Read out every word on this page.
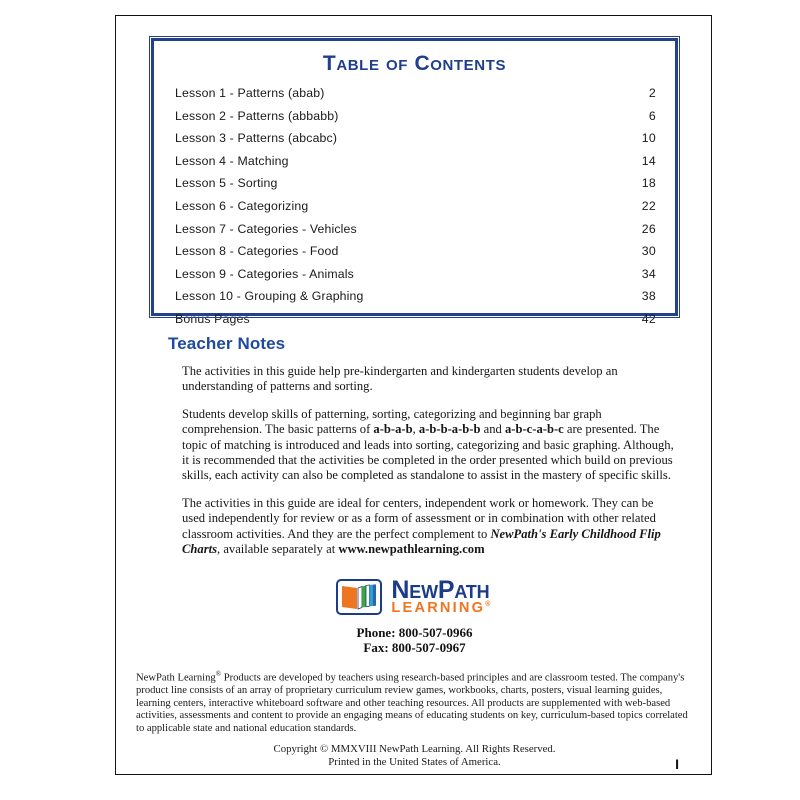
Table of Contents
Lesson 1 - Patterns (abab) .....	2
Lesson 2 - Patterns (abbabb) .....	6
Lesson 3 - Patterns (abcabc) .....	10
Lesson 4 - Matching .....	14
Lesson 5 - Sorting .....	18
Lesson 6 - Categorizing .....	22
Lesson 7 - Categories - Vehicles .....	26
Lesson 8 - Categories - Food .....	30
Lesson 9 - Categories - Animals .....	34
Lesson 10 - Grouping & Graphing .....	38
Bonus Pages .....	42
Teacher Notes

The activities in this guide help pre-kindergarten and kindergarten students develop an understanding of patterns and sorting.

Students develop skills of patterning, sorting, categorizing and beginning bar graph comprehension. The basic patterns of a-b-a-b, a-b-b-a-b-b and a-b-c-a-b-c are presented. The topic of matching is introduced and leads into sorting, categorizing and basic graphing. Although, it is recommended that the activities be completed in the order presented which build on previous skills, each activity can also be completed as standalone to assist in the mastery of specific skills.

The activities in this guide are ideal for centers, independent work or homework. They can be used independently for review or as a form of assessment or in combination with other related classroom activities. And they are the perfect complement to NewPath's Early Childhood Flip Charts, available separately at www.newpathlearning.com

NewPath
LEARNING®
Phone: 800-507-0966
Fax: 800-507-0967
NewPath Learning® Products are developed by teachers using research-based principles and are classroom tested. The company's product line consists of an array of proprietary curriculum review games, workbooks, charts, posters, visual learning guides, learning centers, interactive whiteboard software and other teaching resources. All products are supplemented with web-based activities, assessments and content to provide an engaging means of educating students on key, curriculum-based topics correlated to applicable state and national education standards.
Copyright © MMXVIII NewPath Learning. All Rights Reserved.
Printed in the United States of America.	I
